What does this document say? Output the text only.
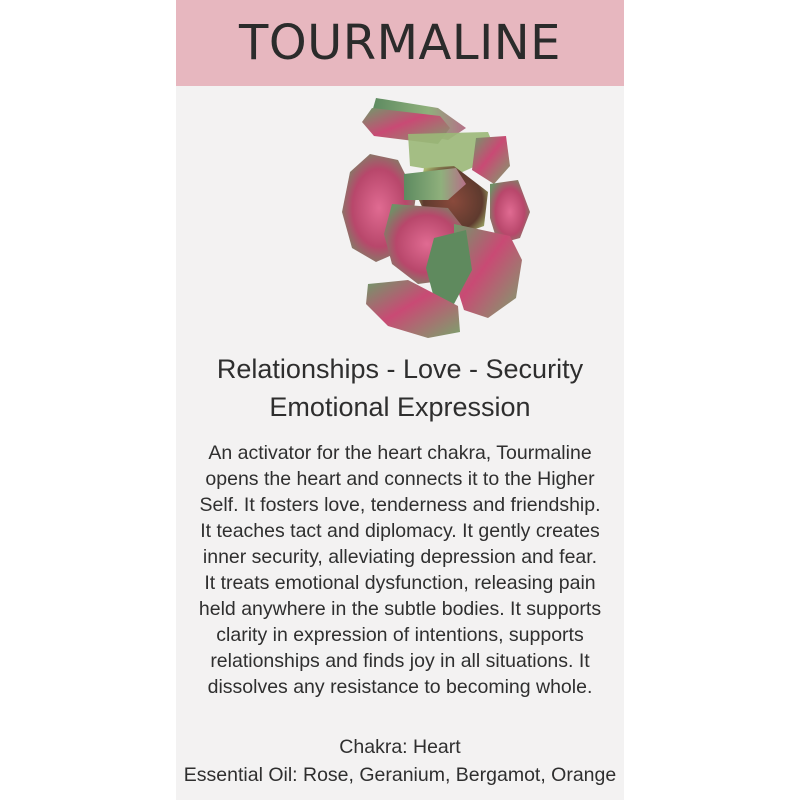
TOURMALINE
Relationships - Love - Security
Emotional Expression
An activator for the heart chakra, Tourmaline
opens the heart and connects it to the Higher
Self. It fosters love, tenderness and friendship.
It teaches tact and diplomacy. It gently creates
inner security, alleviating depression and fear.
It treats emotional dysfunction, releasing pain
held anywhere in the subtle bodies. It supports
clarity in expression of intentions, supports
relationships and finds joy in all situations. It
dissolves any resistance to becoming whole.
Chakra: Heart
Essential Oil: Rose, Geranium, Bergamot, Orange
